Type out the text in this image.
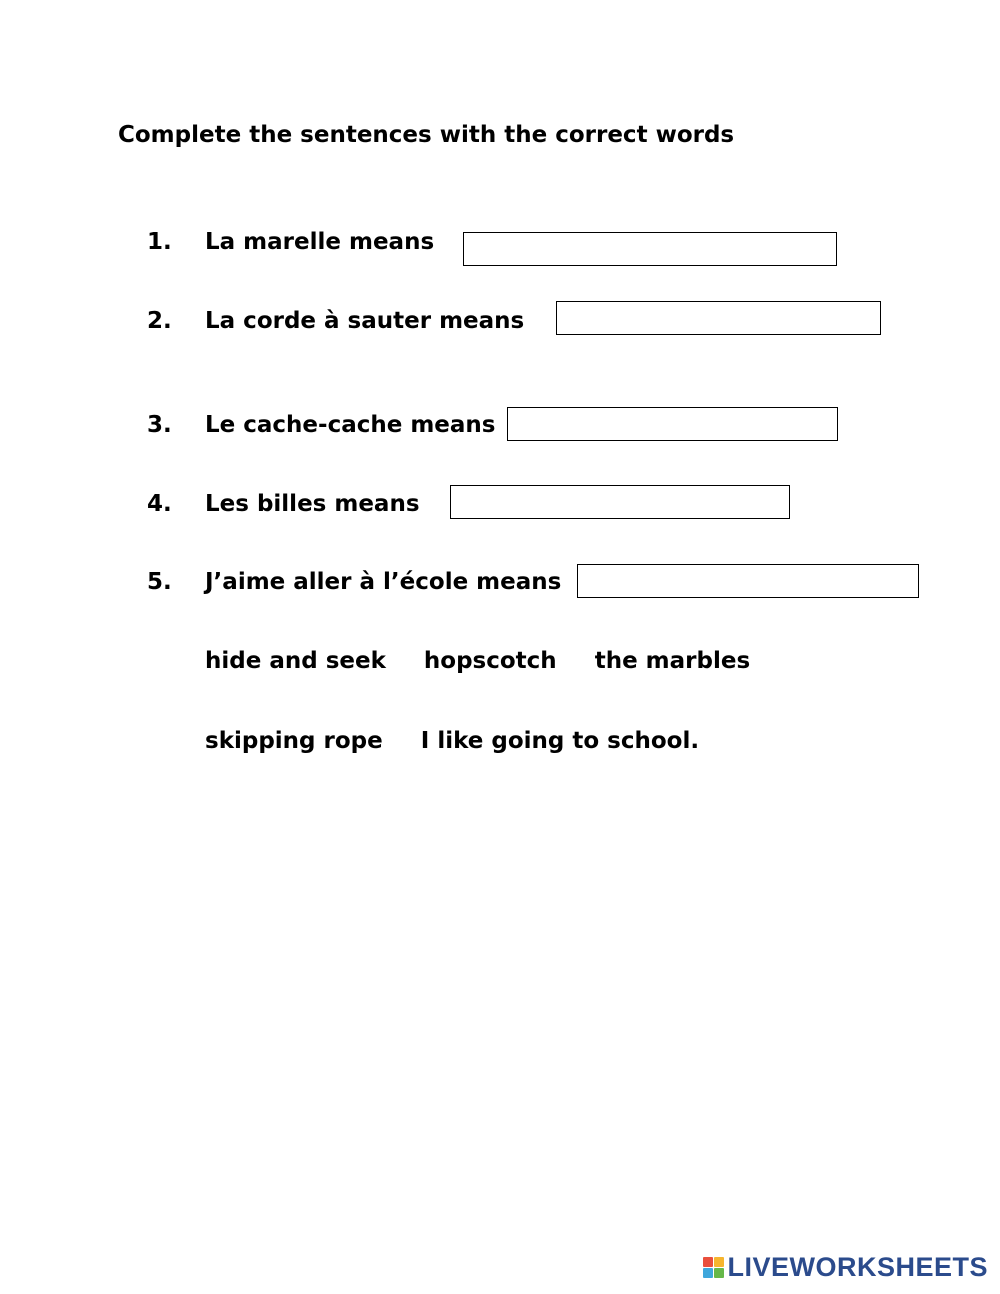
Complete the sentences with the correct words
1. La marelle means
2. La corde à sauter means
3. Le cache-cache means
4. Les billes means
5. J’aime aller à l’école means
hide and seek hopscotch the marbles
skipping rope I like going to school.
LIVEWORKSHEETS
